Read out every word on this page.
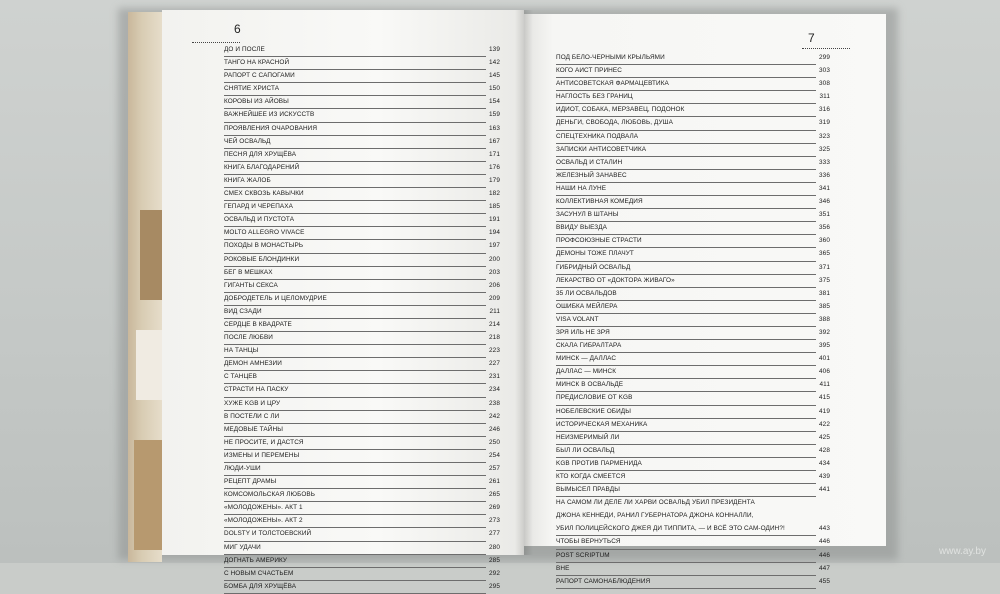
6
ДО И ПОСЛЕ	139
ТАНГО НА КРАСНОЙ	142
РАПОРТ С САПОГАМИ	145
СНЯТИЕ ХРИСТА	150
КОРОВЫ ИЗ АЙОВЫ	154
ВАЖНЕЙШЕЕ ИЗ ИСКУССТВ	159
ПРОЯВЛЕНИЯ ОЧАРОВАНИЯ	163
ЧЕЙ ОСВАЛЬД	167
ПЕСНЯ ДЛЯ ХРУЩЁВА	171
КНИГА БЛАГОДАРЕНИЙ	176
КНИГА ЖАЛОБ	179
СМЕХ СКВОЗЬ КАВЫЧКИ	182
ГЕПАРД И ЧЕРЕПАХА	185
ОСВАЛЬД И ПУСТОТА	191
MOLTO ALLEGRO VIVACE	194
ПОХОДЫ В МОНАСТЫРЬ	197
РОКОВЫЕ БЛОНДИНКИ	200
БЕГ В МЕШКАХ	203
ГИГАНТЫ СЕКСА	206
ДОБРОДЕТЕЛЬ И ЦЕЛОМУДРИЕ	209
ВИД СЗАДИ	211
СЕРДЦЕ В КВАДРАТЕ	214
ПОСЛЕ ЛЮБВИ	218
НА ТАНЦЫ	223
ДЕМОН АМНЕЗИИ	227
С ТАНЦЕВ	231
СТРАСТИ НА ПАСКУ	234
ХУЖЕ KGB И ЦРУ	238
В ПОСТЕЛИ С ЛИ	242
МЕДОВЫЕ ТАЙНЫ	246
НЕ ПРОСИТЕ, И ДАСТСЯ	250
ИЗМЕНЫ И ПЕРЕМЕНЫ	254
ЛЮДИ-УШИ	257
РЕЦЕПТ ДРАМЫ	261
КОМСОМОЛЬСКАЯ ЛЮБОВЬ	265
«МОЛОДОЖЕНЫ». АКТ 1	269
«МОЛОДОЖЕНЫ». АКТ 2	273
DOLSTY И ТОЛСТОЕВСКИЙ	277
МИГ УДАЧИ	280
ДОГНАТЬ АМЕРИКУ	285
С НОВЫМ СЧАСТЬЕМ	292
БОМБА ДЛЯ ХРУЩЁВА	295
7
ПОД БЕЛО-ЧЕРНЫМИ КРЫЛЬЯМИ	299
КОГО АИСТ ПРИНЕС	303
АНТИСОВЕТСКАЯ ФАРМАЦЕВТИКА	308
НАГЛОСТЬ БЕЗ ГРАНИЦ	311
ИДИОТ, СОБАКА, МЕРЗАВЕЦ, ПОДОНОК	316
ДЕНЬГИ, СВОБОДА, ЛЮБОВЬ, ДУША	319
СПЕЦТЕХНИКА ПОДВАЛА	323
ЗАПИСКИ АНТИСОВЕТЧИКА	325
ОСВАЛЬД И СТАЛИН	333
ЖЕЛЕЗНЫЙ ЗАНАВЕС	336
НАШИ НА ЛУНЕ	341
КОЛЛЕКТИВНАЯ КОМЕДИЯ	346
ЗАСУНУЛ В ШТАНЫ	351
ВВИДУ ВЫЕЗДА	356
ПРОФСОЮЗНЫЕ СТРАСТИ	360
ДЕМОНЫ ТОЖЕ ПЛАЧУТ	365
ГИБРИДНЫЙ ОСВАЛЬД	371
ЛЕКАРСТВО ОТ «ДОКТОРА ЖИВАГО»	375
35 ЛИ ОСВАЛЬДОВ	381
ОШИБКА МЕЙЛЕРА	385
VISA VOLANT	388
ЗРЯ ИЛЬ НЕ ЗРЯ	392
СКАЛА ГИБРАЛТАРА	395
МИНСК — ДАЛЛАС	401
ДАЛЛАС — МИНСК	406
МИНСК В ОСВАЛЬДЕ	411
ПРЕДИСЛОВИЕ ОТ KGB	415
НОБЕЛЕВСКИЕ ОБИДЫ	419
ИСТОРИЧЕСКАЯ МЕХАНИКА	422
НЕИЗМЕРИМЫЙ ЛИ	425
БЫЛ ЛИ ОСВАЛЬД	428
KGB ПРОТИВ ПАРМЕНИДА	434
КТО КОГДА СМЕЕТСЯ	439
ВЫМЫСЕЛ ПРАВДЫ	441
НА САМОМ ЛИ ДЕЛЕ ЛИ ХАРВИ ОСВАЛЬД УБИЛ ПРЕЗИДЕНТА
ДЖОНА КЕННЕДИ, РАНИЛ ГУБЕРНАТОРА ДЖОНА КОННАЛЛИ,
УБИЛ ПОЛИЦЕЙСКОГО ДЖЕЯ ДИ ТИППИТА, — И ВСЁ ЭТО САМ-ОДИН?!	443
ЧТОБЫ ВЕРНУТЬСЯ	446
POST SCRIPTUM	446
ВНЕ	447
РАПОРТ САМОНАБЛЮДЕНИЯ	455
www.ay.by
